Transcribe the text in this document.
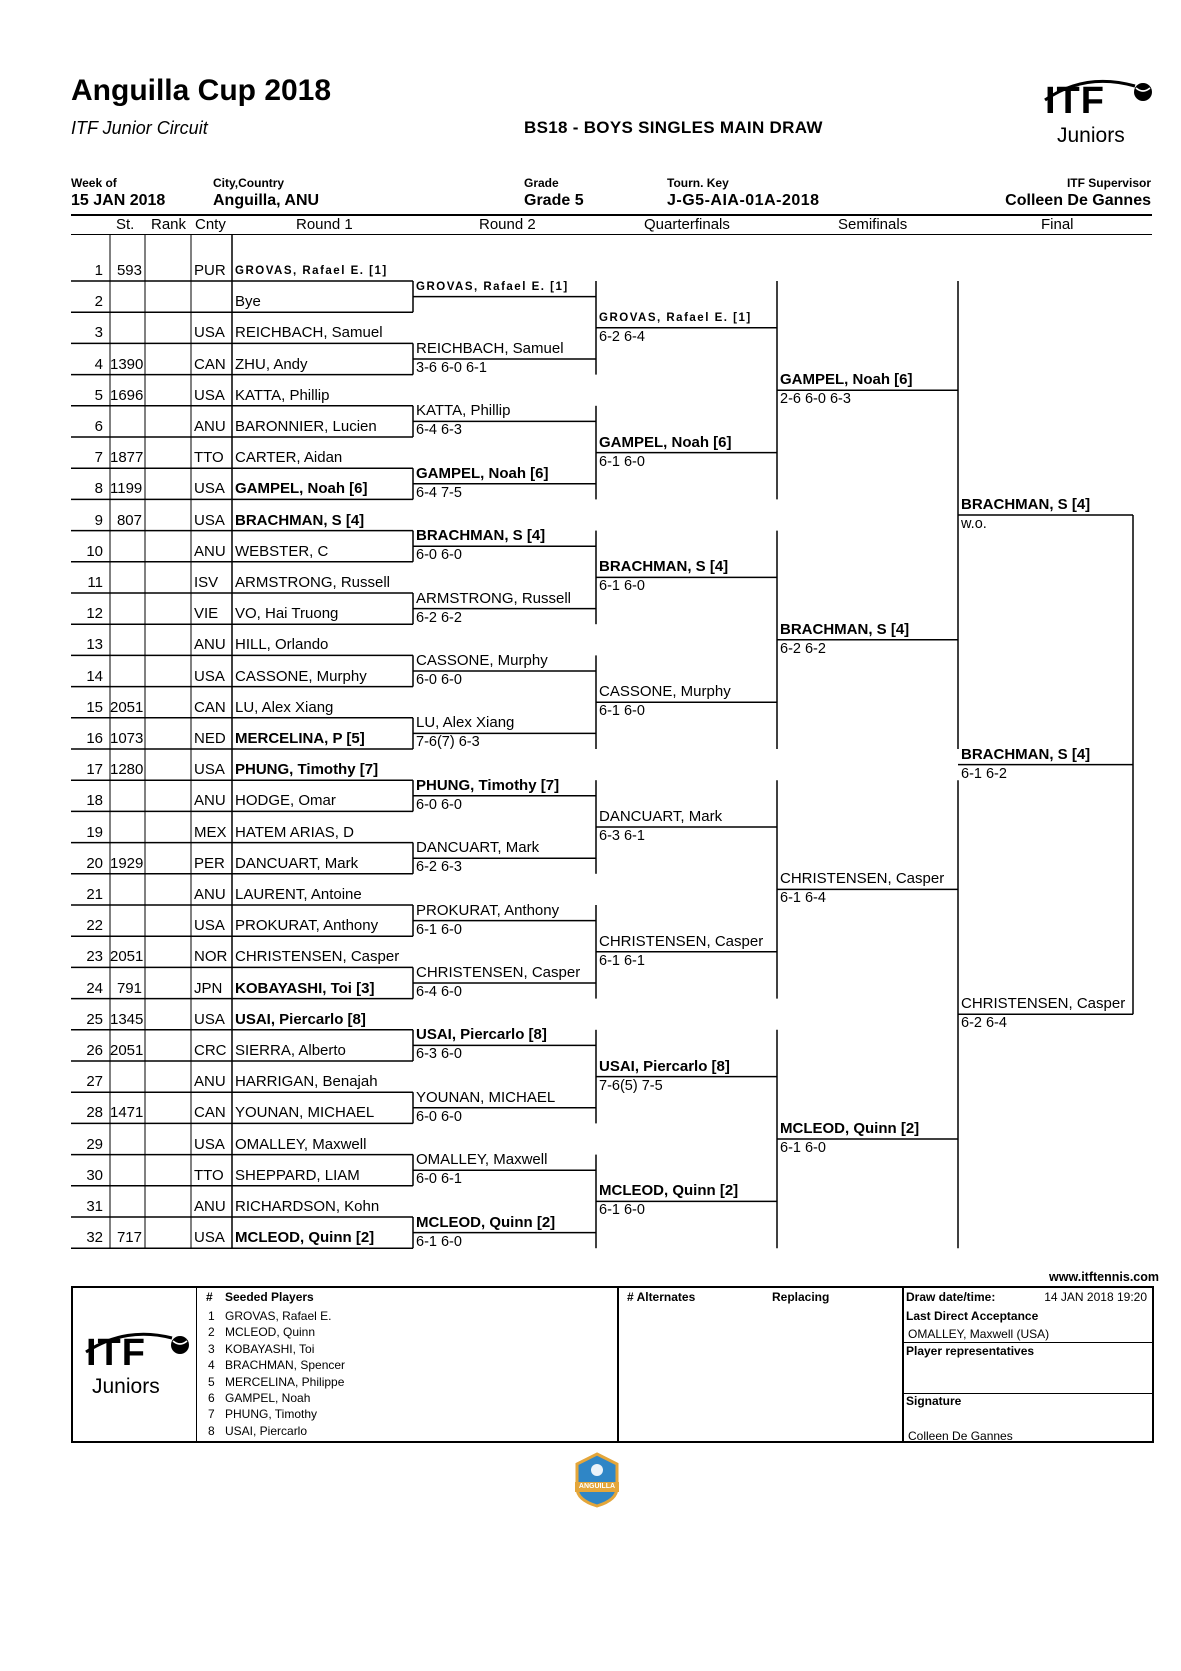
Anguilla Cup 2018
ITF Junior Circuit	BS18 - BOYS SINGLES MAIN DRAW
ITF
Juniors
Week of
15 JAN 2018
City,Country
Anguilla, ANU
Grade
Grade 5
Tourn. Key
J-G5-AIA-01A-2018
ITF Supervisor
Colleen De Gannes
St. Rank Cnty	Round 1	Round 2	Quarterfinals	Semifinals	Final
1 593	PUR GROVAS, Rafael E. [1]
2	Bye
3	USA REICHBACH, Samuel
4 1390	CAN ZHU, Andy
5 1696	USA KATTA, Phillip
6	ANU BARONNIER, Lucien
7 1877	TTO CARTER, Aidan
8 1199	USA GAMPEL, Noah [6]
9 807	USA BRACHMAN, S [4]
10	ANU WEBSTER, C
11	ISV ARMSTRONG, Russell
12	VIE VO, Hai Truong
13	ANU HILL, Orlando
14	USA CASSONE, Murphy
15 2051	CAN LU, Alex Xiang
16 1073	NED MERCELINA, P [5]
17 1280	USA PHUNG, Timothy [7]
18	ANU HODGE, Omar
19	MEX HATEM ARIAS, D
20 1929	PER DANCUART, Mark
21	ANU LAURENT, Antoine
22	USA PROKURAT, Anthony
23 2051	NOR CHRISTENSEN, Casper
24 791	JPN KOBAYASHI, Toi [3]
25 1345	USA USAI, Piercarlo [8]
26 2051	CRC SIERRA, Alberto
27	ANU HARRIGAN, Benajah
28 1471	CAN YOUNAN, MICHAEL
29	USA OMALLEY, Maxwell
30	TTO SHEPPARD, LIAM
31	ANU RICHARDSON, Kohn
32 717	USA MCLEOD, Quinn [2]
GROVAS, Rafael E. [1]
REICHBACH, Samuel
3-6 6-0 6-1
KATTA, Phillip
6-4 6-3
GAMPEL, Noah [6]
6-4 7-5
BRACHMAN, S [4]
6-0 6-0
ARMSTRONG, Russell
6-2 6-2
CASSONE, Murphy
6-0 6-0
LU, Alex Xiang
7-6(7) 6-3
PHUNG, Timothy [7]
6-0 6-0
DANCUART, Mark
6-2 6-3
PROKURAT, Anthony
6-1 6-0
CHRISTENSEN, Casper
6-4 6-0
USAI, Piercarlo [8]
6-3 6-0
YOUNAN, MICHAEL
6-0 6-0
OMALLEY, Maxwell
6-0 6-1
MCLEOD, Quinn [2]
6-1 6-0
GROVAS, Rafael E. [1]
6-2 6-4
GAMPEL, Noah [6]
6-1 6-0
BRACHMAN, S [4]
6-1 6-0
CASSONE, Murphy
6-1 6-0
DANCUART, Mark
6-3 6-1
CHRISTENSEN, Casper
6-1 6-1
USAI, Piercarlo [8]
7-6(5) 7-5
MCLEOD, Quinn [2]
6-1 6-0
GAMPEL, Noah [6]
2-6 6-0 6-3
BRACHMAN, S [4]
6-2 6-2
CHRISTENSEN, Casper
6-1 6-4
MCLEOD, Quinn [2]
6-1 6-0
BRACHMAN, S [4]
w.o.
CHRISTENSEN, Casper
6-2 6-4
BRACHMAN, S [4]
6-1 6-2
www.itftennis.com
ITF
Juniors
# Seeded Players
1 GROVAS, Rafael E.
2 MCLEOD, Quinn
3 KOBAYASHI, Toi
4 BRACHMAN, Spencer
5 MERCELINA, Philippe
6 GAMPEL, Noah
7 PHUNG, Timothy
8 USAI, Piercarlo
# Alternates	Replacing	Draw date/time:	14 JAN 2018 19:20
Last Direct Acceptance
OMALLEY, Maxwell (USA)
Player representatives
Signature
Colleen De Gannes
ANGUILLA
